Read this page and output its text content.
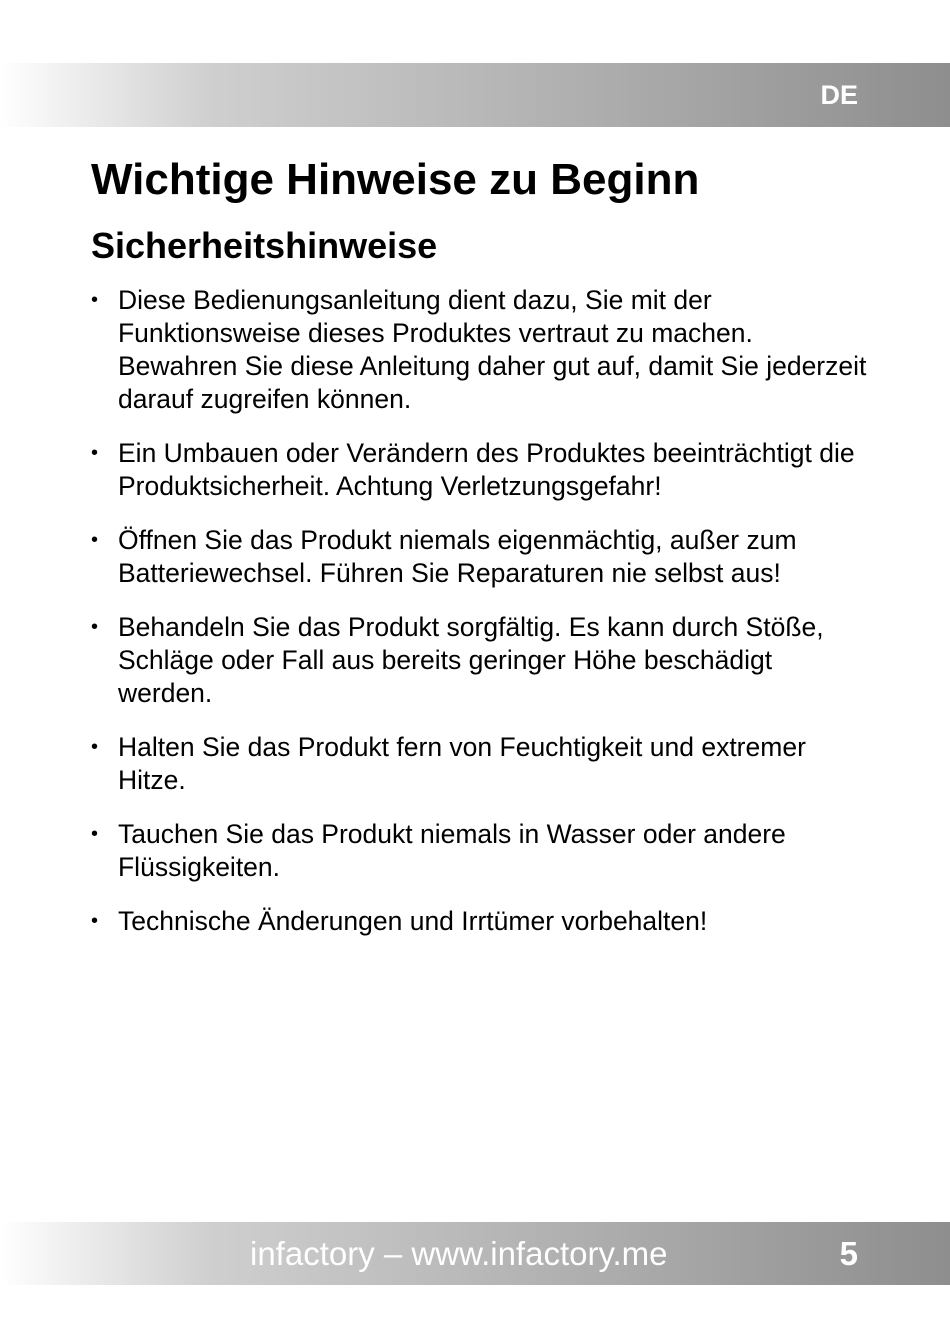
DE
Wichtige Hinweise zu Beginn
Sicherheitshinweise
• Diese Bedienungsanleitung dient dazu, Sie mit der Funktionsweise dieses Produktes vertraut zu machen. Bewahren Sie diese Anleitung daher gut auf, damit Sie jederzeit darauf zugreifen können.
• Ein Umbauen oder Verändern des Produktes beeinträchtigt die Produktsicherheit. Achtung Verletzungsgefahr!
• Öffnen Sie das Produkt niemals eigenmächtig, außer zum Batteriewechsel. Führen Sie Reparaturen nie selbst aus!
• Behandeln Sie das Produkt sorgfältig. Es kann durch Stöße, Schläge oder Fall aus bereits geringer Höhe beschädigt werden.
• Halten Sie das Produkt fern von Feuchtigkeit und extremer Hitze.
• Tauchen Sie das Produkt niemals in Wasser oder andere Flüssigkeiten.
• Technische Änderungen und Irrtümer vorbehalten!
infactory – www.infactory.me	5
